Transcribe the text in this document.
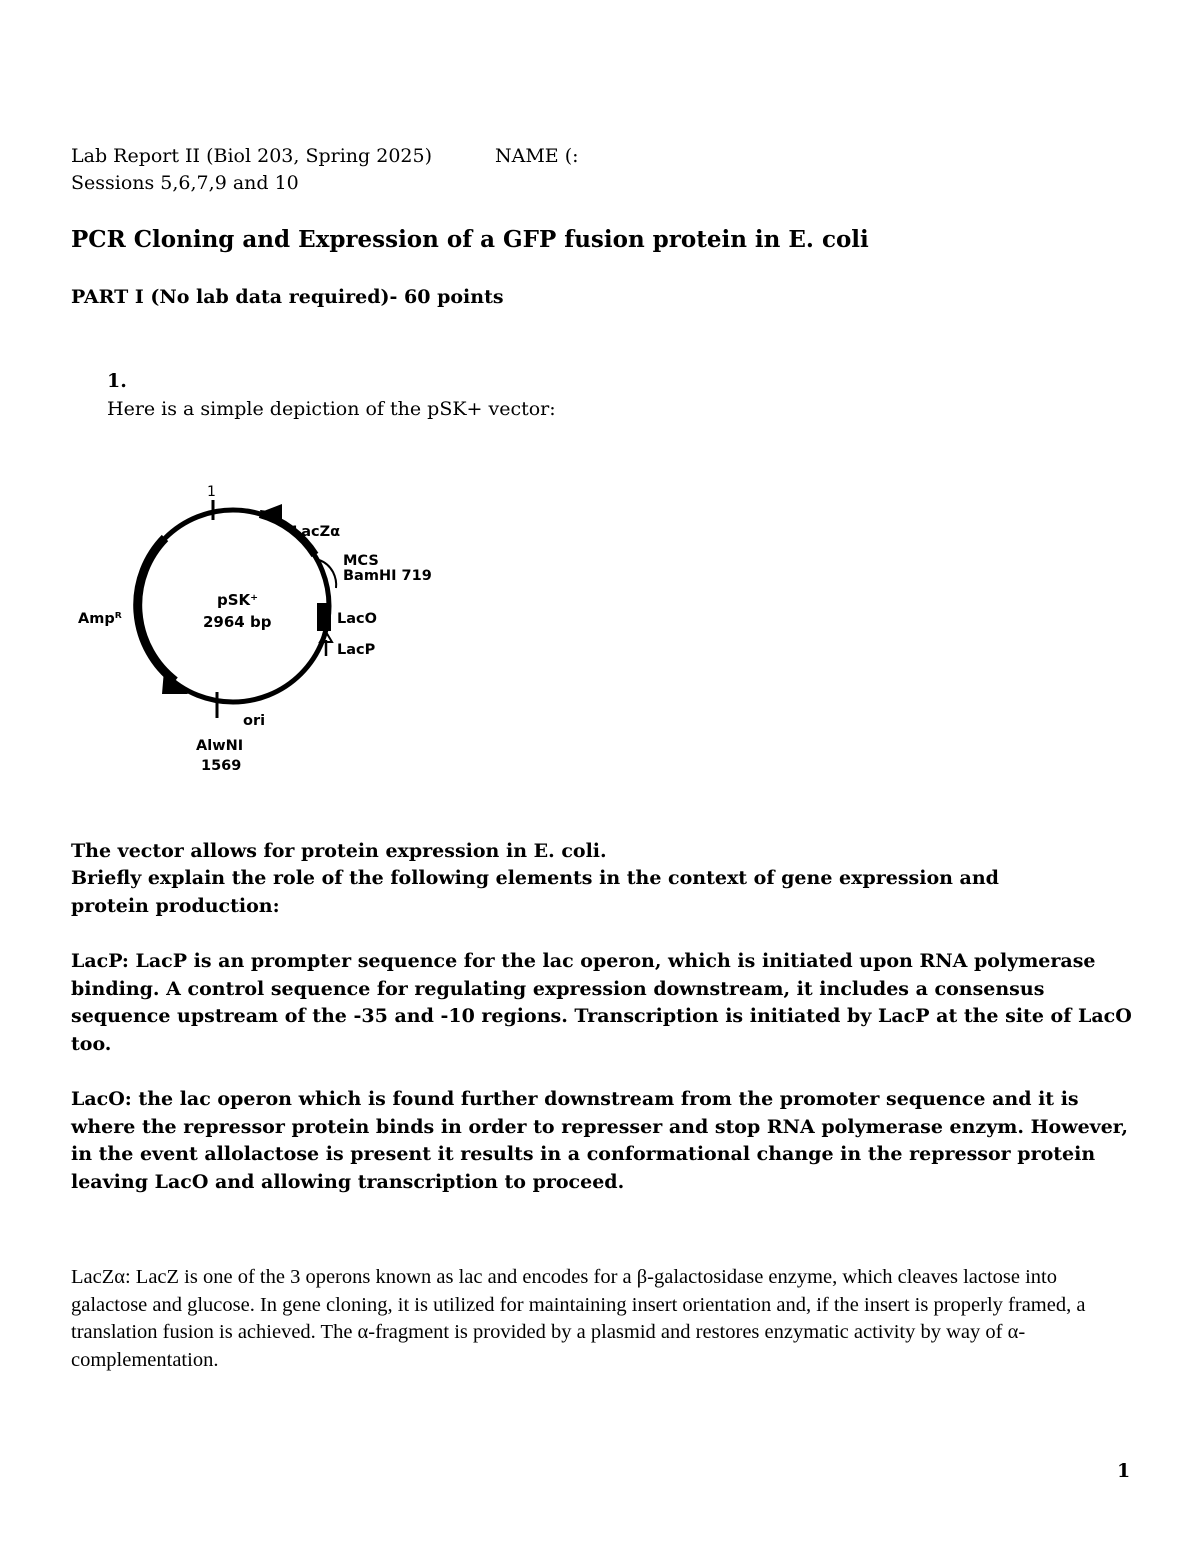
Lab Report II (Biol 203, Spring 2025)	NAME (:
Sessions 5,6,7,9 and 10
PCR Cloning and Expression of a GFP fusion protein in E. coli
PART I (No lab data required)- 60 points
1.
Here is a simple depiction of the pSK+ vector:
1
LacZα
MCS
BamHI 719
LacO
LacP
Ampᴿ
ori
AlwNI
1569
pSK⁺
2964 bp
The vector allows for protein expression in E. coli.
Briefly explain the role of the following elements in the context of gene expression and protein production:
LacP: LacP is an prompter sequence for the lac operon, which is initiated upon RNA polymerase binding. A control sequence for regulating expression downstream, it includes a consensus sequence upstream of the -35 and -10 regions. Transcription is initiated by LacP at the site of LacO too.
LacO: the lac operon which is found further downstream from the promoter sequence and it is where the repressor protein binds in order to represser and stop RNA polymerase enzym. However, in the event allolactose is present it results in a conformational change in the repressor protein leaving LacO and allowing transcription to proceed.
LacZα: LacZ is one of the 3 operons known as lac and encodes for a β-galactosidase enzyme, which cleaves lactose into galactose and glucose. In gene cloning, it is utilized for maintaining insert orientation and, if the insert is properly framed, a translation fusion is achieved. The α-fragment is provided by a plasmid and restores enzymatic activity by way of α-complementation.
1
